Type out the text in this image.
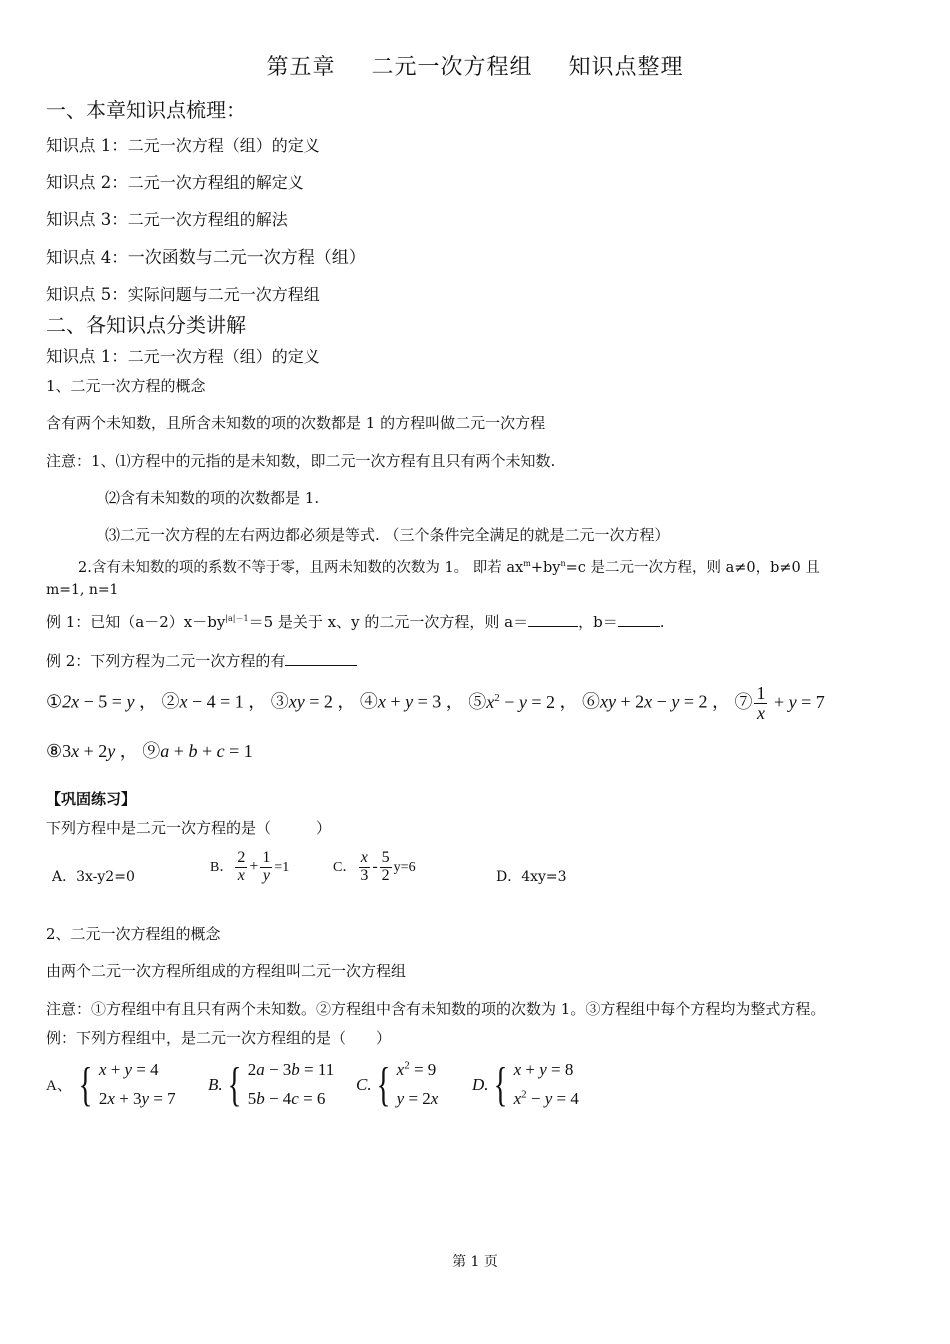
第五章 二元一次方程组 知识点整理
一、本章知识点梳理：
知识点 1：二元一次方程（组）的定义
知识点 2：二元一次方程组的解定义
知识点 3：二元一次方程组的解法
知识点 4：一次函数与二元一次方程（组）
知识点 5：实际问题与二元一次方程组
二、各知识点分类讲解
知识点 1：二元一次方程（组）的定义
1、二元一次方程的概念
含有两个未知数，且所含未知数的项的次数都是 1 的方程叫做二元一次方程
注意：1、⑴方程中的元指的是未知数，即二元一次方程有且只有两个未知数.
⑵含有未知数的项的次数都是 1.
⑶二元一次方程的左右两边都必须是等式. （三个条件完全满足的就是二元一次方程）
2.含有未知数的项的系数不等于零，且两未知数的次数为 1。 即若 $ax^m+by^n=c$ 是二元一次方程，则 a≠0，b≠0 且
m=1, n=1
例 1：已知$(a-2)x-by^{|a|-1}=5$ 是关于 x、y 的二元一次方程，则 a＝	，b＝	.
例 2：下列方程为二元一次方程的有
①2x − 5 = y ， ②x − 4 = 1 ， ③xy = 2 ， ④x + y = 3 ， $⑤x^2 - y = 2$ ， ⑥xy + 2x − y = 2 ， ⑦ $\frac{1}{x} + y = 7$
⑧3x + 2y ， ⑨a + b + c = 1
【巩固练习】
下列方程中是二元一次方程的是（　　　）
A．3x-y2=0
B． $\frac{2}{x} + \frac{1}{y} =1$	C． $\frac{x}{3} - \frac{5}{2} y=6$
D．4xy=3
2、二元一次方程组的概念
由两个二元一次方程所组成的方程组叫二元一次方程组
注意：①方程组中有且只有两个未知数。②方程组中含有未知数的项的次数为 1。③方程组中每个方程均为整式方程。
例：下列方程组中，是二元一次方程组的是（　　）
A、 { x + y = 4
2x + 3y = 7
B. { 2a − 3b = 11
5b − 4c = 6
C. { $x^2 = 9$
y = 2x
D. { x + y = 8
$x^2 - y = 4$
第 1 页
